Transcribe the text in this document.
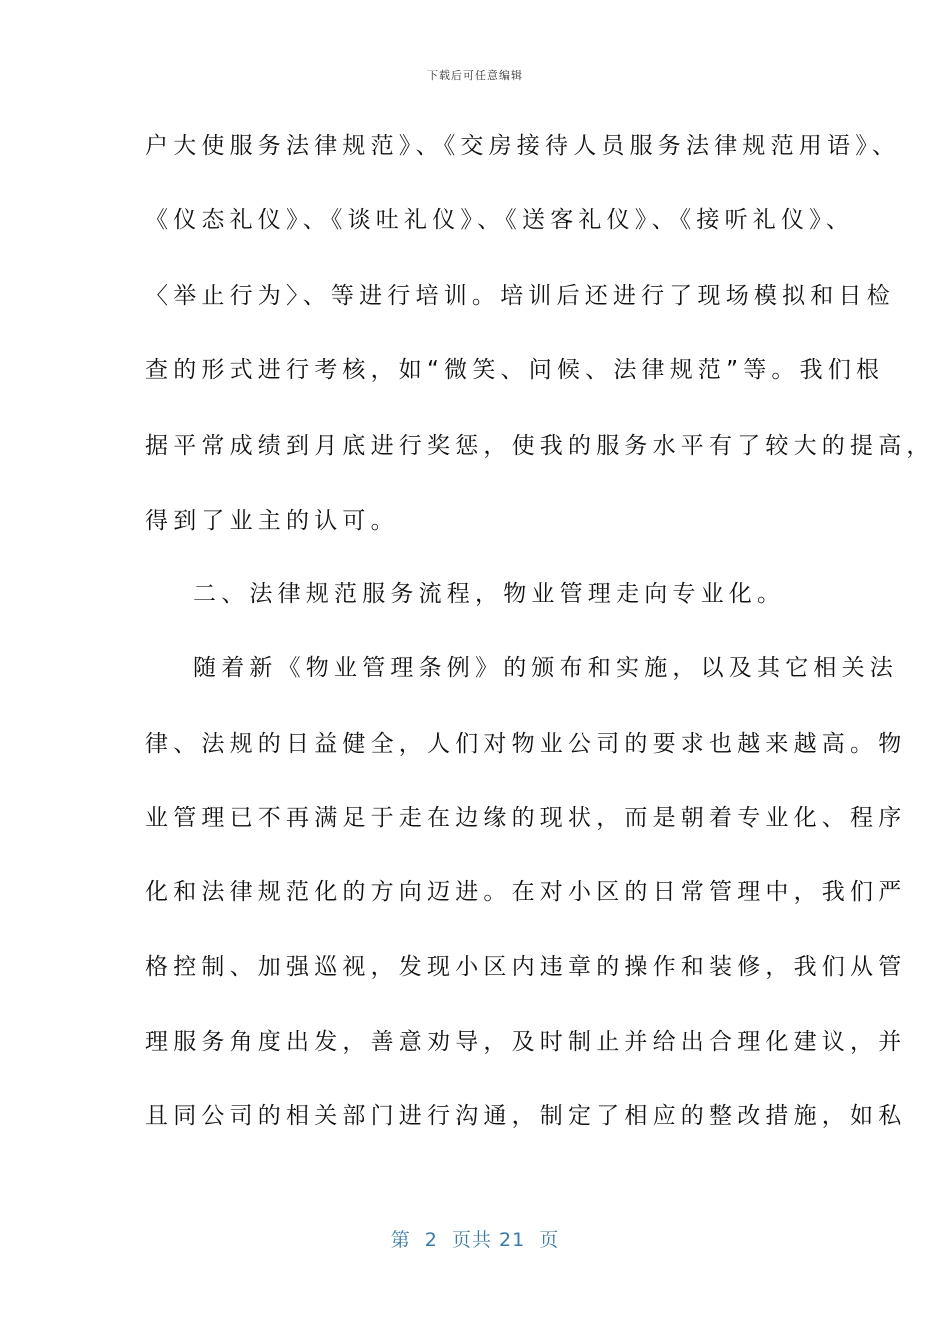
下载后可任意编辑
户大使服务法律规范》、《交房接待人员服务法律规范用语》、
《仪态礼仪》、《谈吐礼仪》、《送客礼仪》、《接听礼仪》、
〈举止行为〉、等进行培训。培训后还进行了现场模拟和日检
查的形式进行考核，如“微笑、问候、法律规范”等。我们根
据平常成绩到月底进行奖惩，使我的服务水平有了较大的提高，
得到了业主的认可。
二、法律规范服务流程，物业管理走向专业化。
随着新《物业管理条例》的颁布和实施，以及其它相关法
律、法规的日益健全，人们对物业公司的要求也越来越高。物
业管理已不再满足于走在边缘的现状，而是朝着专业化、程序
化和法律规范化的方向迈进。在对小区的日常管理中，我们严
格控制、加强巡视，发现小区内违章的操作和装修，我们从管
理服务角度出发，善意劝导，及时制止并给出合理化建议，并
且同公司的相关部门进行沟通，制定了相应的整改措施，如私
第  2  页共 21  页
